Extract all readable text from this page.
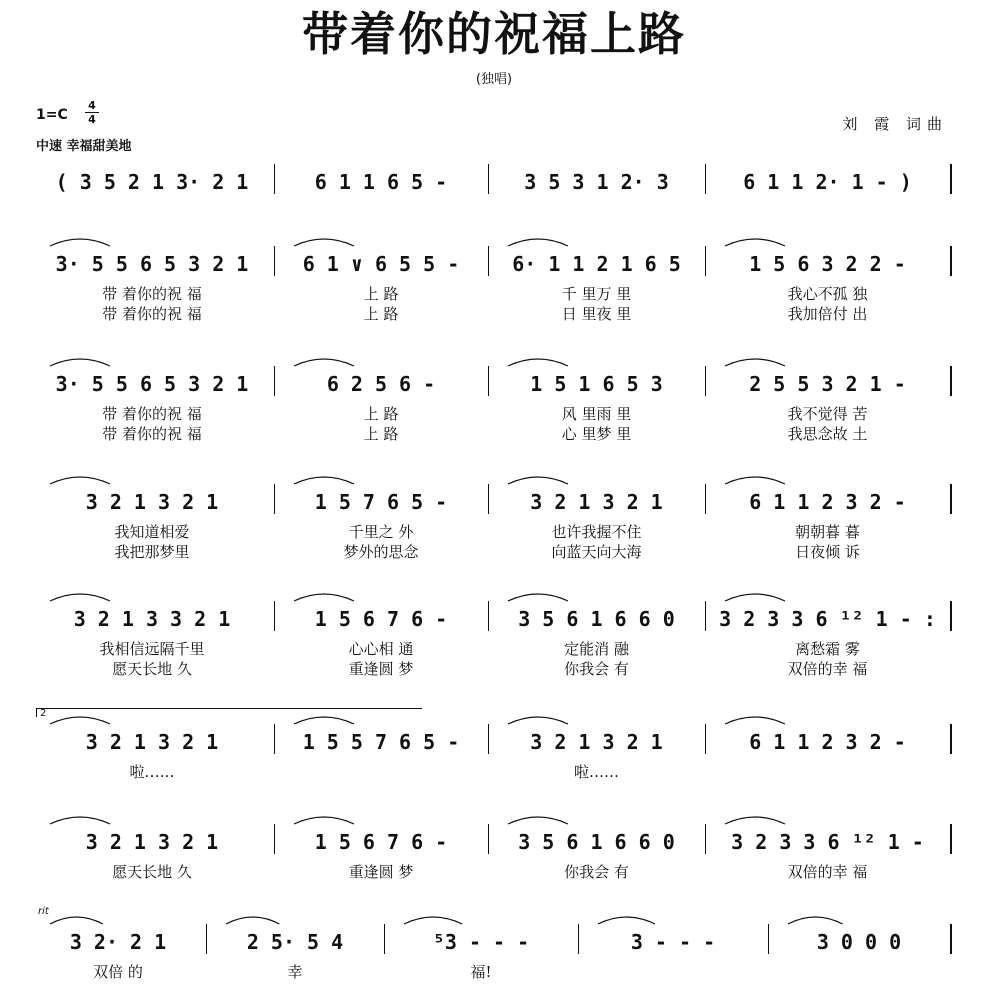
带着你的祝福上路
(独唱)
1=C
4
4
中速 幸福甜美地
刘 霞 词曲
2
rit
( 3 5 2 1 3· 2 1	6 1 1 6 5 -	3 5 3 1 2· 3	6 1 1 2· 1 - )
3· 5 5 6 5 3 2 1	6 1 ∨ 6 5 5 -	6· 1 1 2 1 6 5	1 5 6 3 2 2 -
带 着你的祝 福	上 路	千 里万 里	我心不孤 独
带 着你的祝 福	上 路	日 里夜 里	我加倍付 出
3· 5 5 6 5 3 2 1	6 2 5 6 -	1 5 1 6 5 3	2 5 5 3 2 1 -
带 着你的祝 福	上 路	风 里雨 里	我不觉得 苦
带 着你的祝 福	上 路	心 里梦 里	我思念故 土
3 2 1 3 2 1	1 5 7 6 5 -	3 2 1 3 2 1	6 1 1 2 3 2 -
我知道相爱	千里之 外	也许我握不住	朝朝暮 暮
我把那梦里	梦外的思念	向蓝天向大海	日夜倾 诉
3 2 1 3 3 2 1	1 5 6 7 6 -	3 5 6 1 6 6 0	3 2 3 3 6 ¹² 1 - :
我相信远隔千里	心心相 通	定能消 融	离愁霜 雾
愿天长地 久	重逢圆 梦	你我会 有	双倍的幸 福
3 2 1 3 2 1	1 5 5 7 6 5 -	3 2 1 3 2 1	6 1 1 2 3 2 -
啦……	啦……
3 2 1 3 2 1	1 5 6 7 6 -	3 5 6 1 6 6 0	3 2 3 3 6 ¹² 1 -
愿天长地 久	重逢圆 梦	你我会 有	双倍的幸 福
3 2· 2 1	2 5· 5 4	⁵3 - - -	3 - - -	3 0 0 0
双倍 的	幸	福!
